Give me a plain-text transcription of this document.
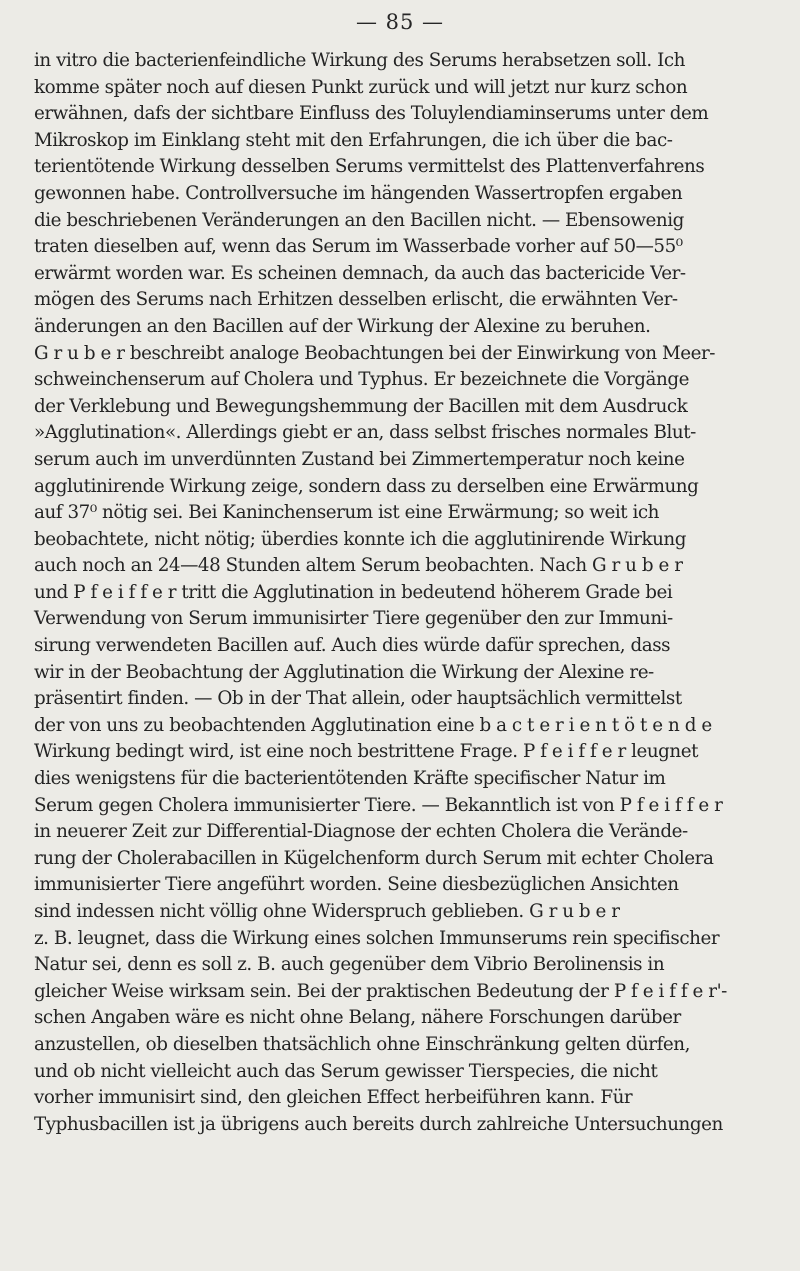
— 85 —

in vitro die bacterienfeindliche Wirkung des Serums herabsetzen soll. Ich
komme später noch auf diesen Punkt zurück und will jetzt nur kurz schon
erwähnen, dafs der sichtbare Einfluss des Toluylendiaminserums unter dem
Mikroskop im Einklang steht mit den Erfahrungen, die ich über die bac-
terientötende Wirkung desselben Serums vermittelst des Plattenverfahrens
gewonnen habe. Controllversuche im hängenden Wassertropfen ergaben
die beschriebenen Veränderungen an den Bacillen nicht. — Ebensowenig
traten dieselben auf, wenn das Serum im Wasserbade vorher auf 50—55⁰
erwärmt worden war. Es scheinen demnach, da auch das bactericide Ver-
mögen des Serums nach Erhitzen desselben erlischt, die erwähnten Ver-
änderungen an den Bacillen auf der Wirkung der Alexine zu beruhen.
G r u b e r beschreibt analoge Beobachtungen bei der Einwirkung von Meer-
schweinchenserum auf Cholera und Typhus. Er bezeichnete die Vorgänge
der Verklebung und Bewegungshemmung der Bacillen mit dem Ausdruck
»Agglutination«. Allerdings giebt er an, dass selbst frisches normales Blut-
serum auch im unverdünnten Zustand bei Zimmertemperatur noch keine
agglutinirende Wirkung zeige, sondern dass zu derselben eine Erwärmung
auf 37⁰ nötig sei. Bei Kaninchenserum ist eine Erwärmung; so weit ich
beobachtete, nicht nötig; überdies konnte ich die agglutinirende Wirkung
auch noch an 24—48 Stunden altem Serum beobachten. Nach G r u b e r
und P f e i f f e r tritt die Agglutination in bedeutend höherem Grade bei
Verwendung von Serum immunisirter Tiere gegenüber den zur Immuni-
sirung verwendeten Bacillen auf. Auch dies würde dafür sprechen, dass
wir in der Beobachtung der Agglutination die Wirkung der Alexine re-
präsentirt finden. — Ob in der That allein, oder hauptsächlich vermittelst
der von uns zu beobachtenden Agglutination eine b a c t e r i e n t ö t e n d e
Wirkung bedingt wird, ist eine noch bestrittene Frage. P f e i f f e r leugnet
dies wenigstens für die bacterientötenden Kräfte specifischer Natur im
Serum gegen Cholera immunisierter Tiere. — Bekanntlich ist von P f e i f f e r
in neuerer Zeit zur Differential-Diagnose der echten Cholera die Verände-
rung der Cholerabacillen in Kügelchenform durch Serum mit echter Cholera
immunisierter Tiere angeführt worden. Seine diesbezüglichen Ansichten
sind indessen nicht völlig ohne Widerspruch geblieben. G r u b e r
z. B. leugnet, dass die Wirkung eines solchen Immunserums rein specifischer
Natur sei, denn es soll z. B. auch gegenüber dem Vibrio Berolinensis in
gleicher Weise wirksam sein. Bei der praktischen Bedeutung der P f e i f f e r'-
schen Angaben wäre es nicht ohne Belang, nähere Forschungen darüber
anzustellen, ob dieselben thatsächlich ohne Einschränkung gelten dürfen,
und ob nicht vielleicht auch das Serum gewisser Tierspecies, die nicht
vorher immunisirt sind, den gleichen Effect herbeiführen kann. Für
Typhusbacillen ist ja übrigens auch bereits durch zahlreiche Untersuchungen
